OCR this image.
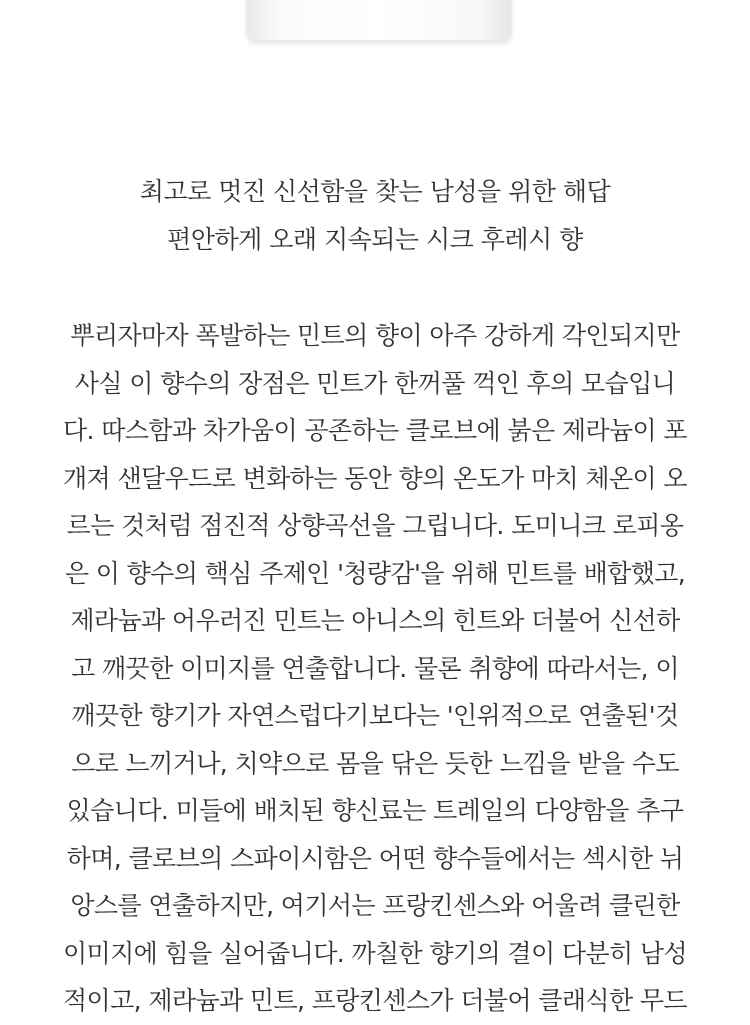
최고로 멋진 신선함을 찾는 남성을 위한 해답
편안하게 오래 지속되는 시크 후레시 향
뿌리자마자 폭발하는 민트의 향이 아주 강하게 각인되지만
사실 이 향수의 장점은 민트가 한꺼풀 꺽인 후의 모습입니
다. 따스함과 차가움이 공존하는 클로브에 붉은 제라늄이 포
개져 샌달우드로 변화하는 동안 향의 온도가 마치 체온이 오
르는 것처럼 점진적 상향곡선을 그립니다. 도미니크 로피옹
은 이 향수의 핵심 주제인 '청량감'을 위해 민트를 배합했고,
제라늄과 어우러진 민트는 아니스의 힌트와 더불어 신선하
고 깨끗한 이미지를 연출합니다. 물론 취향에 따라서는, 이
깨끗한 향기가 자연스럽다기보다는 '인위적으로 연출된'것
으로 느끼거나, 치약으로 몸을 닦은 듯한 느낌을 받을 수도
있습니다. 미들에 배치된 향신료는 트레일의 다양함을 추구
하며, 클로브의 스파이시함은 어떤 향수들에서는 섹시한 뉘
앙스를 연출하지만, 여기서는 프랑킨센스와 어울려 클린한
이미지에 힘을 실어줍니다. 까칠한 향기의 결이 다분히 남성
적이고, 제라늄과 민트, 프랑킨센스가 더불어 클래식한 무드
